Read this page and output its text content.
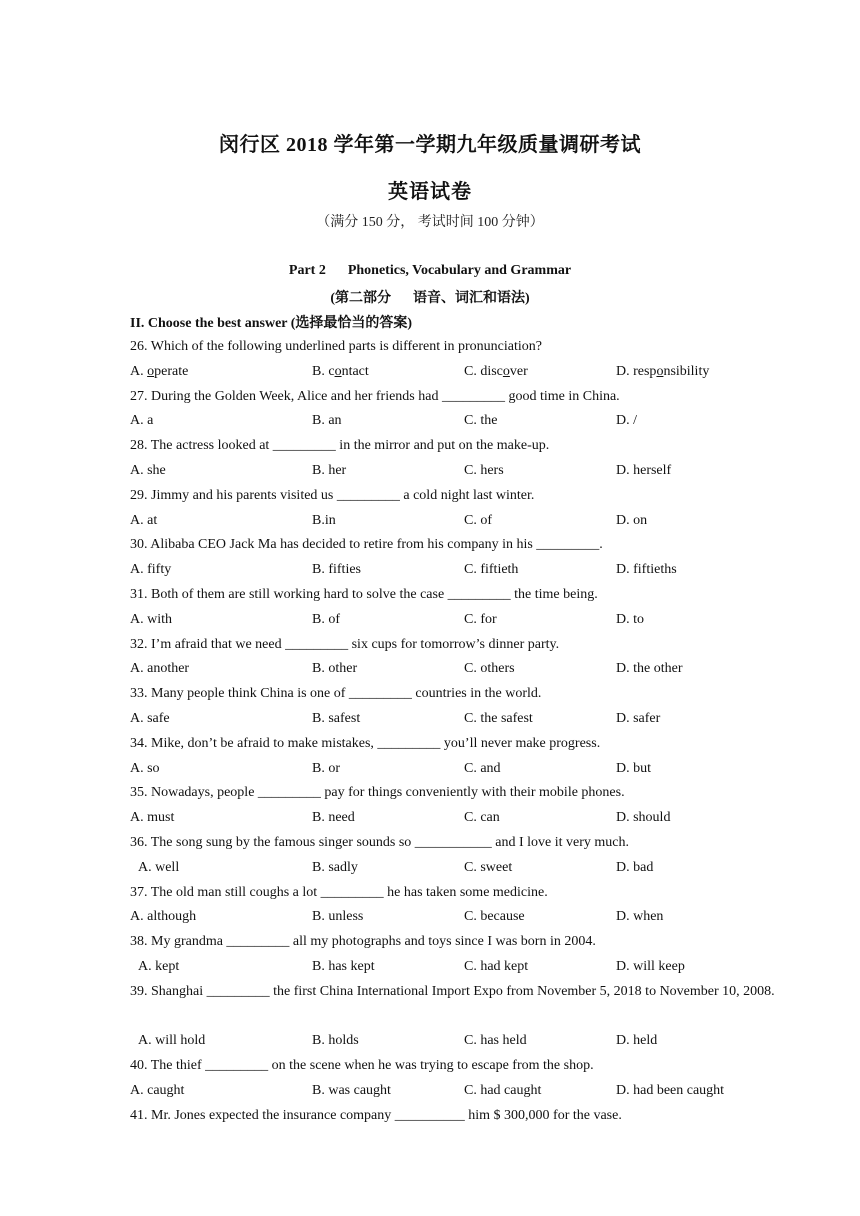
闵行区 2018 学年第一学期九年级质量调研考试
英语试卷
（满分 150 分， 考试时间 100 分钟）
Part 2 Phonetics, Vocabulary and Grammar
(第二部分 语音、词汇和语法)
II. Choose the best answer (选择最恰当的答案)
26. Which of the following underlined parts is different in pronunciation?
A. operate	B. contact	C. discover	D. responsibility
27. During the Golden Week, Alice and her friends had _________ good time in China.
A. a	B. an	C. the	D. /
28. The actress looked at _________ in the mirror and put on the make-up.
A. she	B. her	C. hers	D. herself
29. Jimmy and his parents visited us _________ a cold night last winter.
A. at	B.in	C. of	D. on
30. Alibaba CEO Jack Ma has decided to retire from his company in his _________.
A. fifty	B. fifties	C. fiftieth	D. fiftieths
31. Both of them are still working hard to solve the case _________ the time being.
A. with	B. of	C. for	D. to
32. I’m afraid that we need _________ six cups for tomorrow’s dinner party.
A. another	B. other	C. others	D. the other
33. Many people think China is one of _________ countries in the world.
A. safe	B. safest	C. the safest	D. safer
34. Mike, don’t be afraid to make mistakes, _________ you’ll never make progress.
A. so	B. or	C. and	D. but
35. Nowadays, people _________ pay for things conveniently with their mobile phones.
A. must	B. need	C. can	D. should
36. The song sung by the famous singer sounds so ___________ and I love it very much.
A. well	B. sadly	C. sweet	D. bad
37. The old man still coughs a lot _________ he has taken some medicine.
A. although	B. unless	C. because	D. when
38. My grandma _________ all my photographs and toys since I was born in 2004.
A. kept	B. has kept	C. had kept	D. will keep
39. Shanghai _________ the first China International Import Expo from November 5, 2018 to November 10, 2008.
A. will hold	B. holds	C. has held	D. held
40. The thief _________ on the scene when he was trying to escape from the shop.
A. caught	B. was caught	C. had caught	D. had been caught
41. Mr. Jones expected the insurance company __________ him $ 300,000 for the vase.
